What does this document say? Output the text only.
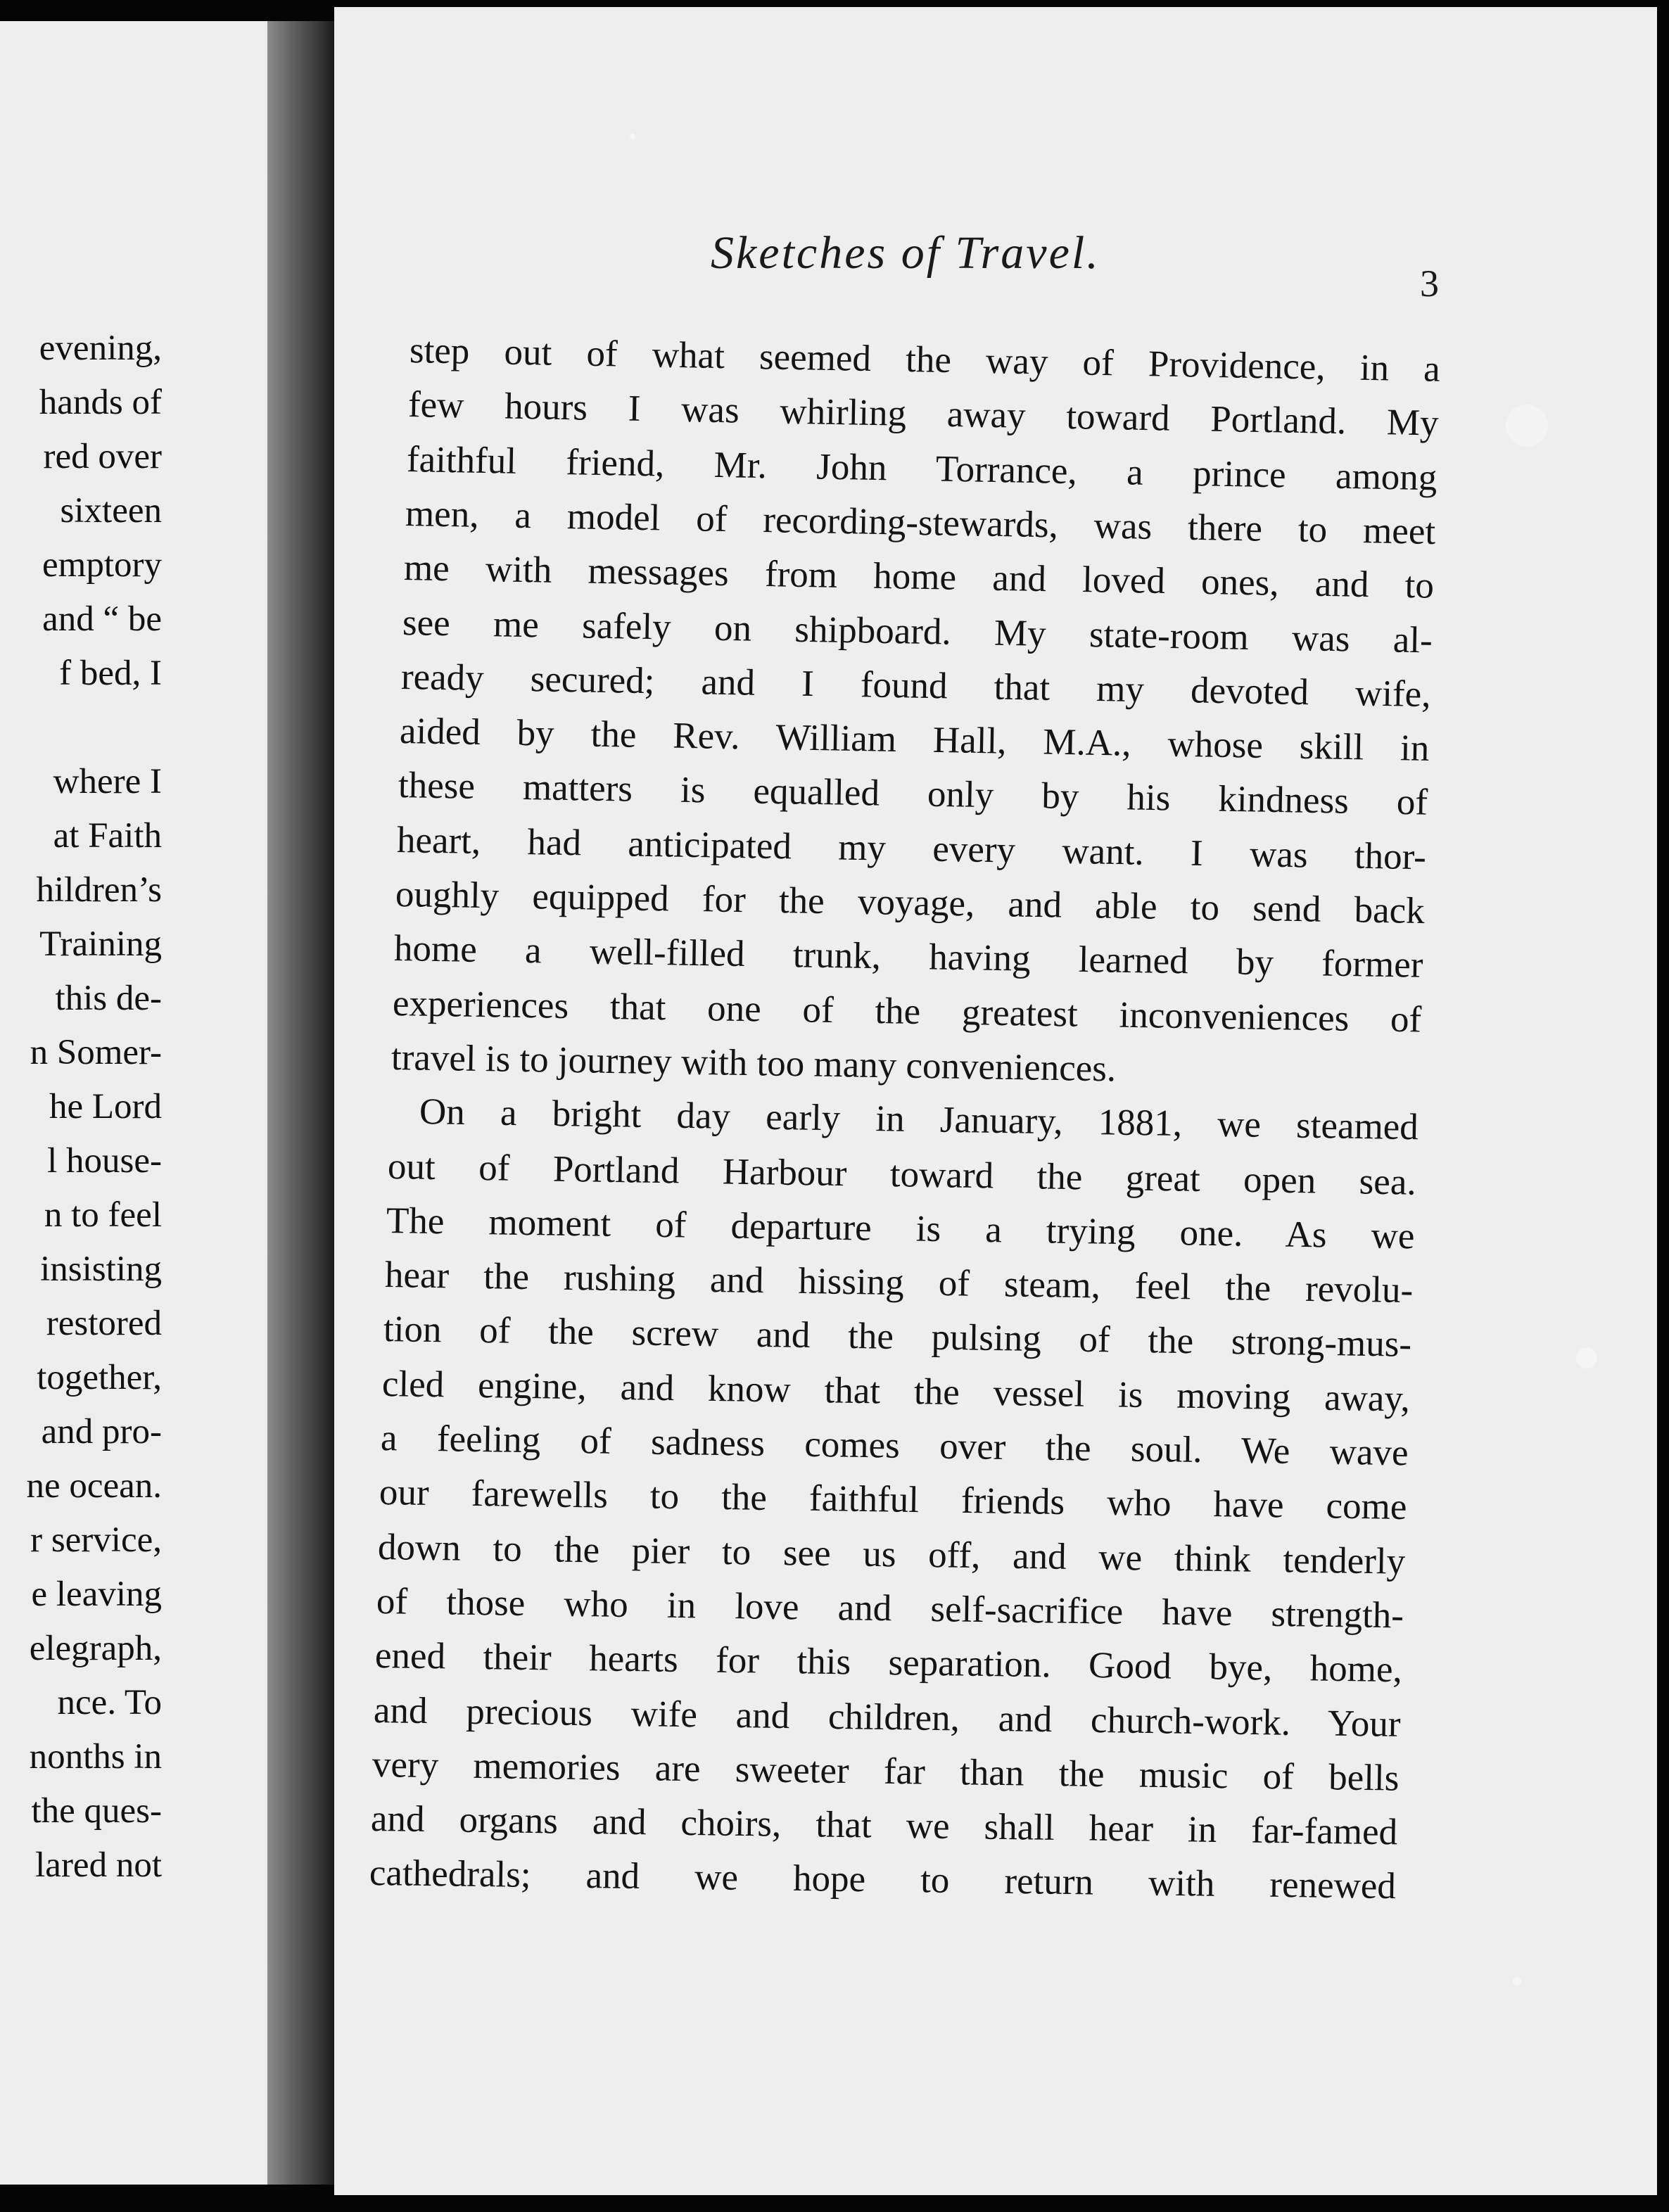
evening,
hands of
red over
sixteen
emptory
and “ be
f bed, I
where I
at Faith
hildren’s
Training
this de-
n Somer-
he Lord
l house-
n to feel
insisting
restored
together,
and pro-
ne ocean.
r service,
e leaving
elegraph,
nce. To
nonths in
the ques-
lared not
Sketches of Travel.
3
step out of what seemed the way of Providence, in a
few hours I was whirling away toward Portland. My
faithful friend, Mr. John Torrance, a prince among
men, a model of recording-stewards, was there to meet
me with messages from home and loved ones, and to
see me safely on shipboard. My state-room was al-
ready secured; and I found that my devoted wife,
aided by the Rev. William Hall, M.A., whose skill in
these matters is equalled only by his kindness of
heart, had anticipated my every want. I was thor-
oughly equipped for the voyage, and able to send back
home a well-filled trunk, having learned by former
experiences that one of the greatest inconveniences of
travel is to journey with too many conveniences.
On a bright day early in January, 1881, we steamed
out of Portland Harbour toward the great open sea.
The moment of departure is a trying one. As we
hear the rushing and hissing of steam, feel the revolu-
tion of the screw and the pulsing of the strong-mus-
cled engine, and know that the vessel is moving away,
a feeling of sadness comes over the soul. We wave
our farewells to the faithful friends who have come
down to the pier to see us off, and we think tenderly
of those who in love and self-sacrifice have strength-
ened their hearts for this separation. Good bye, home,
and precious wife and children, and church-work. Your
very memories are sweeter far than the music of bells
and organs and choirs, that we shall hear in far-famed
cathedrals; and we hope to return with renewed
